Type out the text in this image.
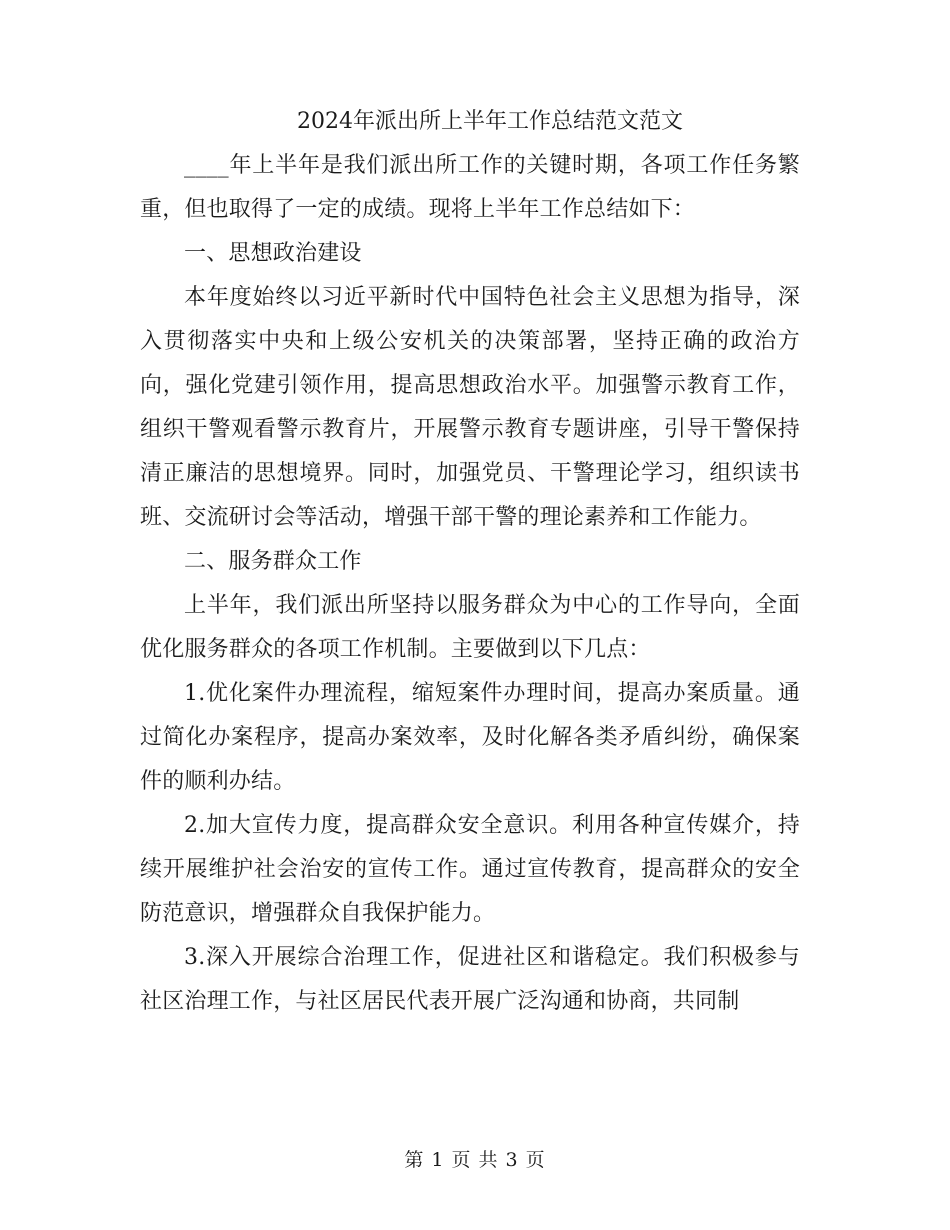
2024年派出所上半年工作总结范文范文

____年上半年是我们派出所工作的关键时期，各项工作任务繁重，但也取得了一定的成绩。现将上半年工作总结如下：

一、思想政治建设

本年度始终以习近平新时代中国特色社会主义思想为指导，深入贯彻落实中央和上级公安机关的决策部署，坚持正确的政治方向，强化党建引领作用，提高思想政治水平。加强警示教育工作，组织干警观看警示教育片，开展警示教育专题讲座，引导干警保持清正廉洁的思想境界。同时，加强党员、干警理论学习，组织读书班、交流研讨会等活动，增强干部干警的理论素养和工作能力。

二、服务群众工作

上半年，我们派出所坚持以服务群众为中心的工作导向，全面优化服务群众的各项工作机制。主要做到以下几点：

1.优化案件办理流程，缩短案件办理时间，提高办案质量。通过简化办案程序，提高办案效率，及时化解各类矛盾纠纷，确保案件的顺利办结。

2.加大宣传力度，提高群众安全意识。利用各种宣传媒介，持续开展维护社会治安的宣传工作。通过宣传教育，提高群众的安全防范意识，增强群众自我保护能力。

3.深入开展综合治理工作，促进社区和谐稳定。我们积极参与社区治理工作，与社区居民代表开展广泛沟通和协商，共同制

第 1 页 共 3 页
